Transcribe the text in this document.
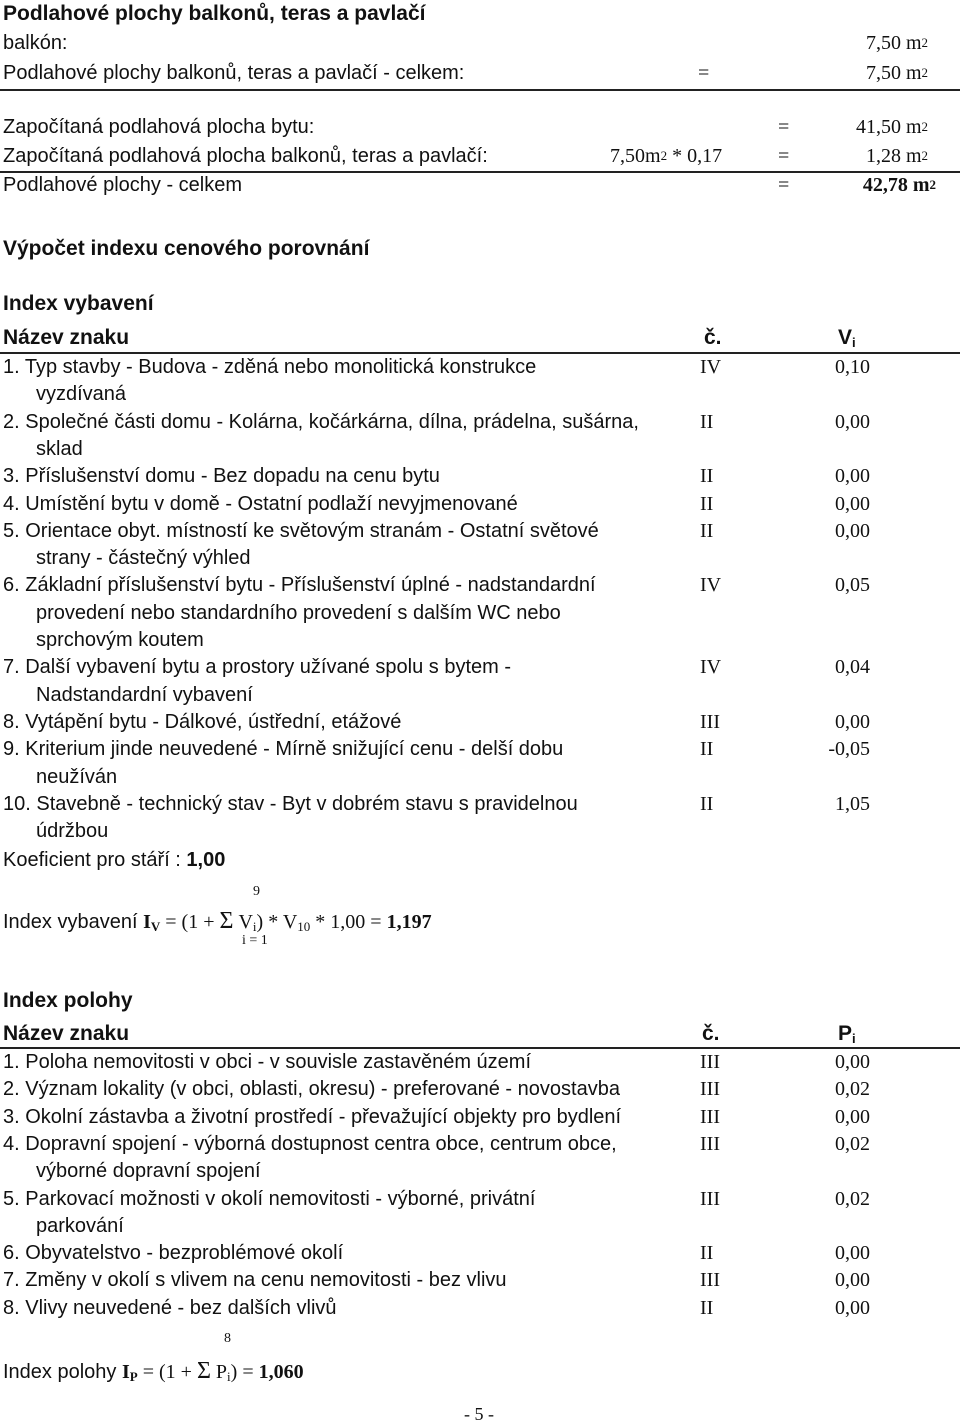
Podlahové plochy balkonů, teras a pavlačí
balkón:	7,50 $m^2$
Podlahové plochy balkonů, teras a pavlačí - celkem:	=	7,50 $m^2$
Započítaná podlahová plocha bytu:	=	41,50 $m^2$
Započítaná podlahová plocha balkonů, teras a pavlačí:	$7,50m^2 * 0,17$	=	1,28 $m^2$
Podlahové plochy - celkem	=	42,78 $m^2$
Výpočet indexu cenového porovnání
Index vybavení
Název znaku	č.	$V_i$
1. Typ stavby - Budova - zděná nebo monolitická konstrukce
vyzdívaná
IV	0,10
2. Společné části domu - Kolárna, kočárkárna, dílna, prádelna, sušárna,
sklad
II	0,00
3. Příslušenství domu - Bez dopadu na cenu bytu	II	0,00
4. Umístění bytu v domě - Ostatní podlaží nevyjmenované	II	0,00
5. Orientace obyt. místností ke světovým stranám - Ostatní světové
strany - částečný výhled
II	0,00
6. Základní příslušenství bytu - Příslušenství úplné - nadstandardní
provedení nebo standardního provedení s dalším WC nebo
sprchovým koutem
IV	0,05
7. Další vybavení bytu a prostory užívané spolu s bytem -
Nadstandardní vybavení
IV	0,04
8. Vytápění bytu - Dálkové, ústřední, etážové	III	0,00
9. Kriterium jinde neuvedené - Mírně snižující cenu - delší dobu
neužíván
II	-0,05
10. Stavebně - technický stav - Byt v dobrém stavu s pravidelnou
údržbou
II	1,05
Koeficient pro stáří : 1,00
9
Index vybavení $I_V = (1 + \Sigma$ $V_i) * V_{10} * 1,00 = 1,197$
i = 1
Index polohy
Název znaku	č.	$P_i$
1. Poloha nemovitosti v obci - v souvisle zastavěném území	III	0,00
2. Význam lokality (v obci, oblasti, okresu) - preferované - novostavba	III	0,02
3. Okolní zástavba a životní prostředí - převažující objekty pro bydlení	III	0,00
4. Dopravní spojení - výborná dostupnost centra obce, centrum obce,
výborné dopravní spojení
III	0,02
5. Parkovací možnosti v okolí nemovitosti - výborné, privátní
parkování
III	0,02
6. Obyvatelstvo - bezproblémové okolí	II	0,00
7. Změny v okolí s vlivem na cenu nemovitosti - bez vlivu	III	0,00
8. Vlivy neuvedené - bez dalších vlivů	II	0,00
8
Index polohy $I_P = (1 + \Sigma$ $P_i) = 1,060$
- 5 -
